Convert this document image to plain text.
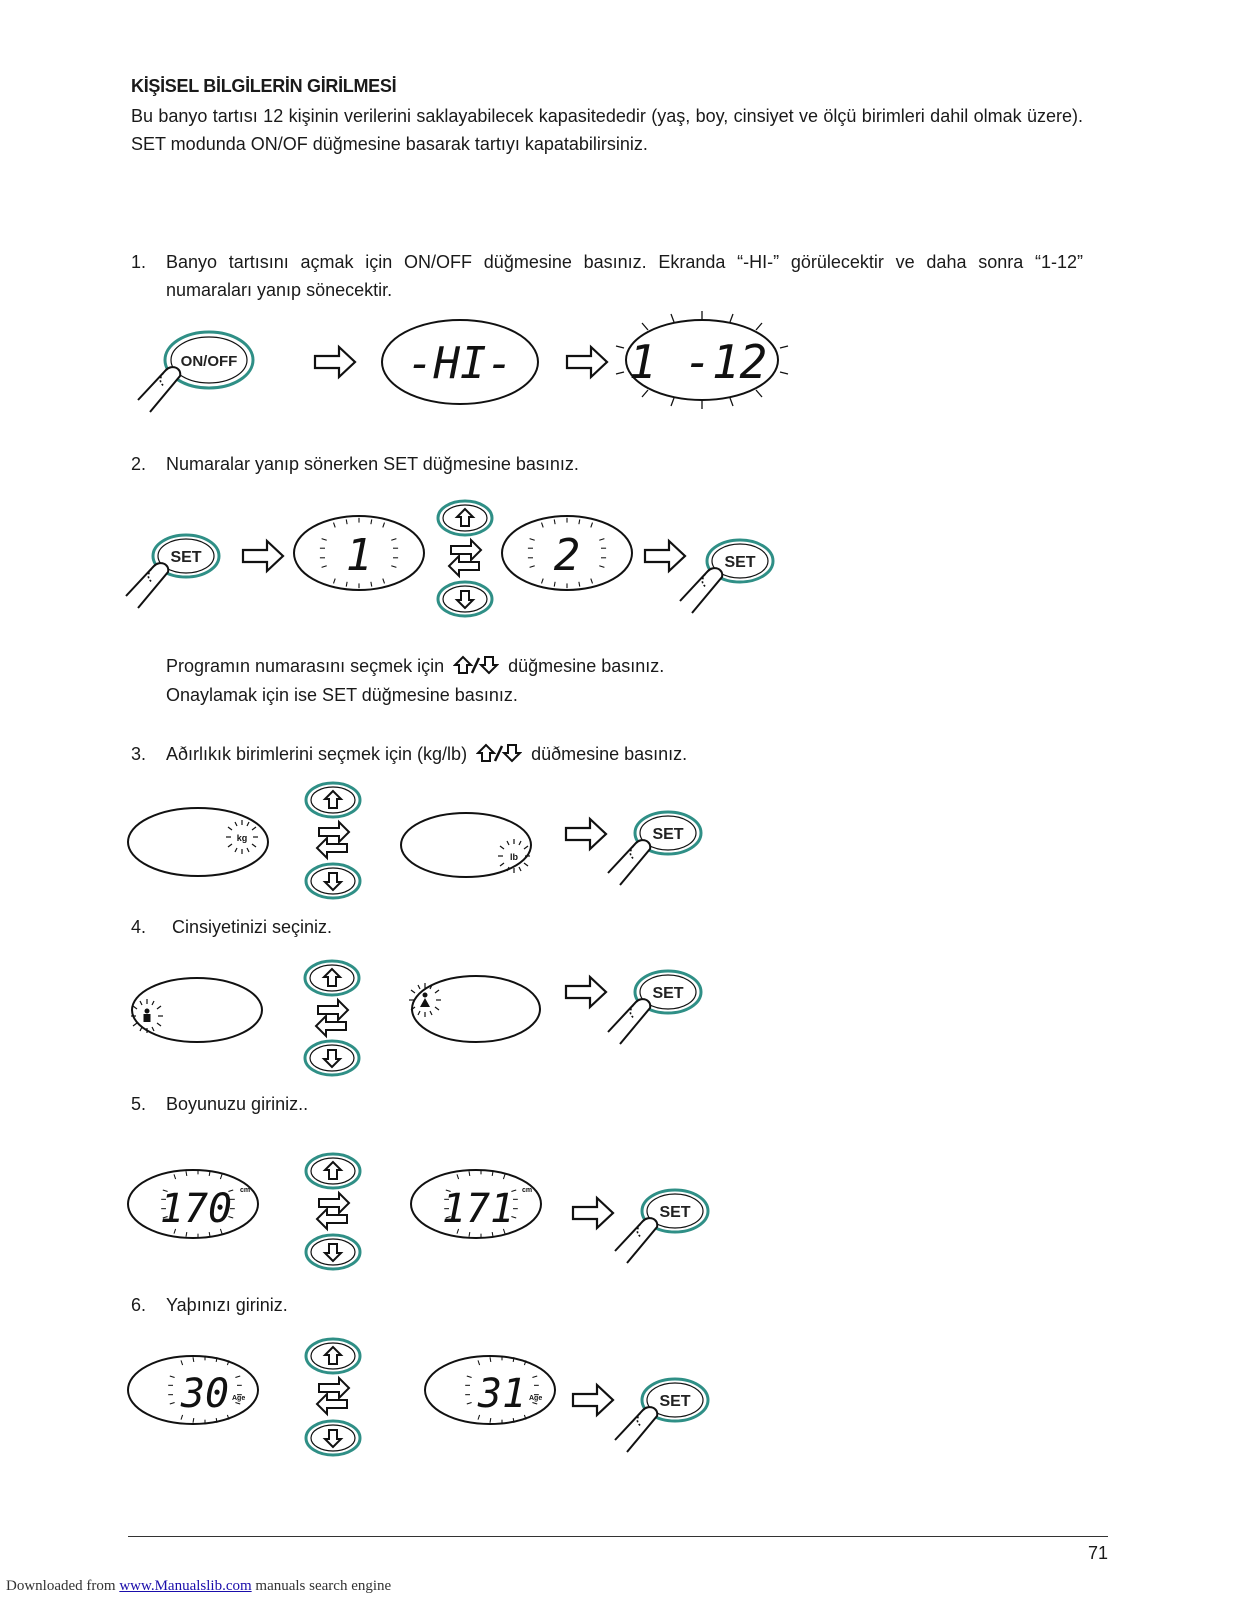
KİŞİSEL BİLGİLERİN GİRİLMESİ
Bu banyo tartısı 12 kişinin verilerini saklayabilecek kapasitededir (yaş, boy, cinsiyet ve ölçü birimleri dahil olmak üzere). SET modunda ON/OF düğmesine basarak tartıyı kapatabilirsiniz.
1. Banyo tartısını açmak için ON/OFF düğmesine basınız. Ekranda “-HI-” görülecektir ve daha sonra “1-12” numaraları yanıp sönecektir.
2. Numaralar yanıp sönerken SET düğmesine basınız.
Programın numarasını seçmek için	düğmesine basınız.
Onaylamak için ise SET düğmesine basınız.
3. Aðırlıkık birimlerini seçmek için (kg/lb)	düðmesine basınız.
4. Cinsiyetinizi seçiniz.
5. Boyunuzu giriniz..
6. Yaþınızı giriniz.
ON/OFF	-HI-	1 -12
SET	1	2	SET
kg
lb
SET
SET
170 cm	171 cm
SET
30 Age	31 Age	SET
71
Downloaded from www.Manualslib.com manuals search engine
